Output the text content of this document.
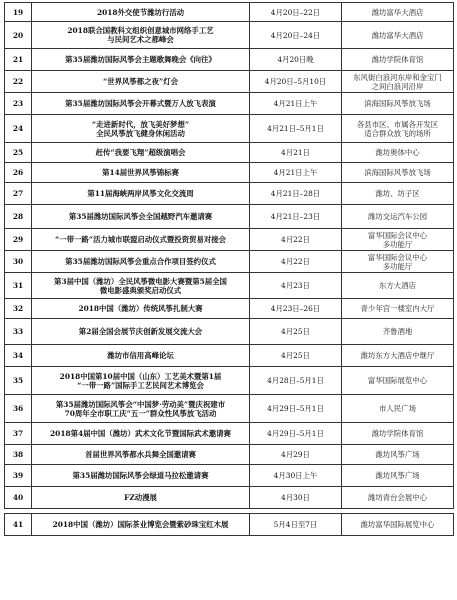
19	2018外交使节潍坊行活动	4月20日–22日	潍坊富华大酒店
20	2018联合国教科文组织创意城市网络手工艺
与民间艺术之都峰会	4月20日–24日	潍坊富华大酒店
21	第35届潍坊国际风筝会主题歌舞晚会《向往》	4月20日晚	潍坊学院体育馆
22	“世界风筝都之夜”灯会	4月20日–5月10日	东风街白浪河东岸和金宝门
之间白浪河沿岸
23	第35届潍坊国际风筝会开幕式暨万人放飞表演	4月21日上午	滨海国际风筝放飞场
24	“走进新时代，放飞美好梦想”
全民风筝放飞健身休闲活动	4月21日–5月1日	各县市区、市属各开发区
适合群众放飞的场所
25	赶传“我要飞翔”超级演唱会	4月21日	潍坊奥体中心
26	第14届世界风筝锦标赛	4月21日上午	滨海国际风筝放飞场
27	第11届海峡两岸风筝文化交流周	4月21日–28日	潍坊、坊子区
28	第35届潍坊国际风筝会全国越野汽车邀请赛	4月21日–23日	潍坊交运汽车公园
29	“一带一路”活力城市联盟启动仪式暨投资贸易对接会	4月22日	富华国际会议中心
多功能厅
30	第35届潍坊国际风筝会重点合作项目签约仪式	4月22日	富华国际会议中心
多功能厅
31	第3届中国（潍坊）全民风筝微电影大赛暨第5届全国
微电影盛典颁奖启动仪式	4月23日	东方大酒店
32	2018中国（潍坊）传统风筝扎制大赛	4月23日–26日	青少年宫一楼室内大厅
33	第2届全国会展节庆创新发展交流大会	4月25日	齐鲁酒地
34	潍坊市信用高峰论坛	4月25日	潍坊东方大酒店中继厅
35	2018中国第10届中国（山东）工艺美术暨第1届
“一带一路”国际手工艺民间艺术博览会	4月28日–5月1日	富华国际展览中心
36	第35届潍坊国际风筝会“中国梦·劳动美”暨庆祝建市
70周年全市职工庆“五一”群众性风筝放飞活动	4月29日–5月1日	市人民广场
37	2018第4届中国（潍坊）武术文化节暨国际武术邀请赛	4月29日–5月1日	潍坊学院体育馆
38	首届世界风筝都水兵舞全国邀请赛	4月29日	潍坊风筝广场
39	第35届潍坊国际风筝会绿道马拉松邀请赛	4月30日上午	潍坊风筝广场
40	FZ动漫展	4月30日	潍坊青台会展中心

41	2018中国（潍坊）国际茶业博览会暨紫砂珠宝红木展	5月4日至7日	潍坊富华国际展览中心
